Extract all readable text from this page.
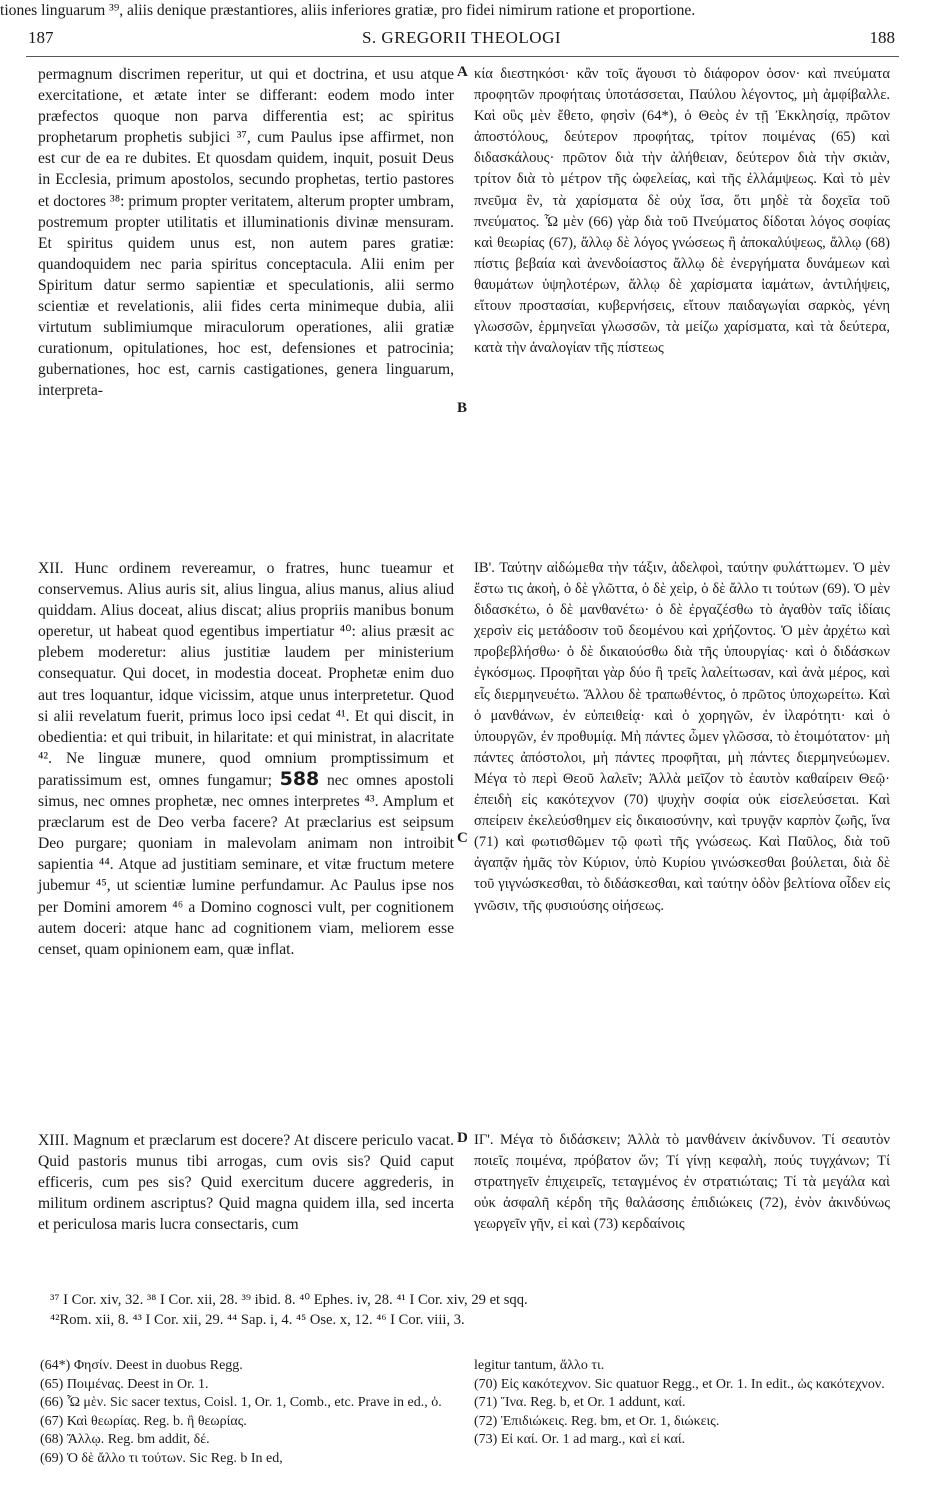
187	S. GREGORII THEOLOGI	188

permagnum discrimen reperitur, ut qui et doctrina, et usu atque exercitatione, et ætate inter se differant: eodem modo inter præfectos quoque non parva differentia est; ac spiritus prophetarum prophetis subjici ³⁷, cum Paulus ipse affirmet, non est cur de ea re dubites. Et quosdam quidem, inquit, posuit Deus in Ecclesia, primum apostolos, secundo prophetas, tertio pastores et doctores ³⁸: primum propter veritatem, alterum propter umbram, postremum propter utilitatis et illuminationis divinæ mensuram. Et spiritus quidem unus est, non autem pares gratiæ: quandoquidem nec paria spiritus conceptacula. Alii enim per Spiritum datur sermo sapientiæ et speculationis, alii sermo scientiæ et revelationis, alii fides certa minimeque dubia, alii virtutum sublimiumque miraculorum operationes, alii gratiæ curationum, opitulationes, hoc est, defensiones et patrocinia; gubernationes, hoc est, carnis castigationes, genera linguarum, interpreta-

κία διεστηκόσι· κἂν τοῖς ἄγουσι τὸ διάφορον ὁσον· καὶ πνεύματα προφητῶν προφήταις ὑποτάσσεται, Παύλου λέγοντος, μὴ ἀμφίβαλλε. Καὶ οὓς μὲν ἔθετο, φησὶν (64*), ὁ Θεὸς ἐν τῇ Ἐκκλησίᾳ, πρῶτον ἀποστόλους, δεύτερον προφήτας, τρίτον ποιμένας (65) καὶ διδασκάλους· πρῶτον διὰ τὴν ἀλήθειαν, δεύτερον διὰ τὴν σκιὰν, τρίτον διὰ τὸ μέτρον τῆς ὠφελείας, καὶ τῆς ἐλλάμψεως. Καὶ τὸ μὲν πνεῦμα ἓν, τὰ χαρίσματα δὲ οὐχ ἴσα, ὅτι μηδὲ τὰ δοχεῖα τοῦ πνεύματος. Ὧ μὲν (66) γὰρ διὰ τοῦ Πνεύματος δίδοται λόγος σοφίας καὶ θεωρίας (67), ἄλλῳ δὲ λόγος γνώσεως ἢ ἀποκαλύψεως, ἄλλῳ (68) πίστις βεβαία καὶ ἀνενδοίαστος ἄλλῳ δὲ ἐνεργήματα δυνάμεων καὶ θαυμάτων ὑψηλοτέρων, ἄλλῳ δὲ χαρίσματα ἰαμάτων, ἀντιλήψεις, εἴτουν προστασίαι, κυβερνήσεις, εἴτουν παιδαγωγίαι σαρκὸς, γένη γλωσσῶν, ἑρμηνεῖαι γλωσσῶν, τὰ μείζω χαρίσματα, καὶ τὰ δεύτερα, κατὰ τὴν ἀναλογίαν τῆς πίστεως

A
B
tiones linguarum ³⁹, aliis denique præstantiores, aliis inferiores gratiæ, pro fidei nimirum ratione et proportione.

XII. Hunc ordinem revereamur, o fratres, hunc tueamur et conservemus. Alius auris sit, alius lingua, alius manus, alius aliud quiddam. Alius doceat, alius discat; alius propriis manibus bonum operetur, ut habeat quod egentibus impertiatur ⁴⁰: alius præsit ac plebem moderetur: alius justitiæ laudem per ministerium consequatur. Qui docet, in modestia doceat. Prophetæ enim duo aut tres loquantur, idque vicissim, atque unus interpretetur. Quod si alii revelatum fuerit, primus loco ipsi cedat ⁴¹. Et qui discit, in obedientia: et qui tribuit, in hilaritate: et qui ministrat, in alacritate ⁴². Ne linguæ munere, quod omnium promptissimum et paratissimum est, omnes fungamur; 588 nec omnes apostoli simus, nec omnes prophetæ, nec omnes interpretes ⁴³. Amplum et præclarum est de Deo verba facere? At præclarius est seipsum Deo purgare; quoniam in malevolam animam non introibit sapientia ⁴⁴. Atque ad justitiam seminare, et vitæ fructum metere jubemur ⁴⁵, ut scientiæ lumine perfundamur. Ac Paulus ipse nos per Domini amorem ⁴⁶ a Domino cognosci vult, per cognitionem autem doceri: atque hanc ad cognitionem viam, meliorem esse censet, quam opinionem eam, quæ inflat.

ΙΒ'. Ταύτην αἰδώμεθα τὴν τάξιν, ἀδελφοὶ, ταύτην φυλάττωμεν. Ὁ μὲν ἔστω τις ἀκοὴ, ὁ δὲ γλῶττα, ὁ δὲ χεὶρ, ὁ δὲ ἄλλο τι τούτων (69). Ὁ μὲν διδασκέτω, ὁ δὲ μανθανέτω· ὁ δὲ ἐργαζέσθω τὸ ἀγαθὸν ταῖς ἰδίαις χερσὶν εἰς μετάδοσιν τοῦ δεομένου καὶ χρήζοντος. Ὁ μὲν ἀρχέτω καὶ προβεβλήσθω· ὁ δὲ δικαιούσθω διὰ τῆς ὑπουργίας· καὶ ὁ διδάσκων ἐγκόσμως. Προφῆται γὰρ δύο ἢ τρεῖς λαλείτωσαν, καὶ ἀνὰ μέρος, καὶ εἷς διερμηνευέτω. Ἄλλου δὲ τραπωθέντος, ὁ πρῶτος ὑποχωρείτω. Καὶ ὁ μανθάνων, ἐν εὐπειθείᾳ· καὶ ὁ χορηγῶν, ἐν ἱλαρότητι· καὶ ὁ ὑπουργῶν, ἐν προθυμίᾳ. Μὴ πάντες ὦμεν γλῶσσα, τὸ ἑτοιμότατον· μὴ πάντες ἀπόστολοι, μὴ πάντες προφῆται, μὴ πάντες διερμηνεύωμεν. Μέγα τὸ περὶ Θεοῦ λαλεῖν; Ἀλλὰ μεῖζον τὸ ἑαυτὸν καθαίρειν Θεῷ· ἐπειδὴ εἰς κακότεχνον (70) ψυχὴν σοφία οὐκ εἰσελεύσεται. Καὶ σπείρειν ἐκελεύσθημεν εἰς δικαιοσύνην, καὶ τρυγᾷν καρπὸν ζωῆς, ἵνα (71) καὶ φωτισθῶμεν τῷ φωτὶ τῆς γνώσεως. Καὶ Παῦλος, διὰ τοῦ ἀγαπᾷν ἡμᾶς τὸν Κύριον, ὑπὸ Κυρίου γινώσκεσθαι βούλεται, διὰ δὲ τοῦ γιγνώσκεσθαι, τὸ διδάσκεσθαι, καὶ ταύτην ὁδὸν βελτίονα οἶδεν εἰς γνῶσιν, τῆς φυσιούσης οἰήσεως.

C

XIII. Magnum et præclarum est docere? At discere periculo vacat. Quid pastoris munus tibi arrogas, cum ovis sis? Quid caput efficeris, cum pes sis? Quid exercitum ducere aggrederis, in militum ordinem ascriptus? Quid magna quidem illa, sed incerta et periculosa maris lucra consectaris, cum

ΙΓ'. Μέγα τὸ διδάσκειν; Ἀλλὰ τὸ μανθάνειν ἀκίνδυνον. Τί σεαυτὸν ποιεῖς ποιμένα, πρόβατον ὤν; Τί γίνῃ κεφαλὴ, πούς τυγχάνων; Τί στρατηγεῖν ἐπιχειρεῖς, τεταγμένος ἐν στρατιώταις; Τί τὰ μεγάλα καὶ οὐκ ἀσφαλῆ κέρδη τῆς θαλάσσης ἐπιδιώκεις (72), ἐνὸν ἀκινδύνως γεωργεῖν γῆν, εἰ καὶ (73) κερδαίνοις

D
³⁷ I Cor. xiv, 32. ³⁸ I Cor. xii, 28. ³⁹ ibid. 8. ⁴⁰ Ephes. iv, 28. ⁴¹ I Cor. xiv, 29 et sqq.
⁴²Rom. xii, 8. ⁴³ I Cor. xii, 29. ⁴⁴ Sap. i, 4. ⁴⁵ Ose. x, 12. ⁴⁶ I Cor. viii, 3.

(64*) Φησίν. Deest in duobus Regg.

(65) Ποιμένας. Deest in Or. 1.

(66) Ὧ μὲν. Sic sacer textus, Coisl. 1, Or. 1, Comb., etc. Prave in ed., ὁ.

(67) Καὶ θεωρίας. Reg. b. ἢ θεωρίας.

(68) Ἄλλῳ. Reg. bm addit, δέ.

(69) Ὁ δὲ ἄλλο τι τούτων. Sic Reg. b In ed,

legitur tantum, ἄλλο τι.

(70) Εἰς κακότεχνον. Sic quatuor Regg., et Or. 1. In edit., ὡς κακότεχνον.

(71) Ἵνα. Reg. b, et Or. 1 addunt, καί.

(72) Ἐπιδιώκεις. Reg. bm, et Or. 1, διώκεις.

(73) Εἰ καί. Or. 1 ad marg., καὶ εἰ καί.
